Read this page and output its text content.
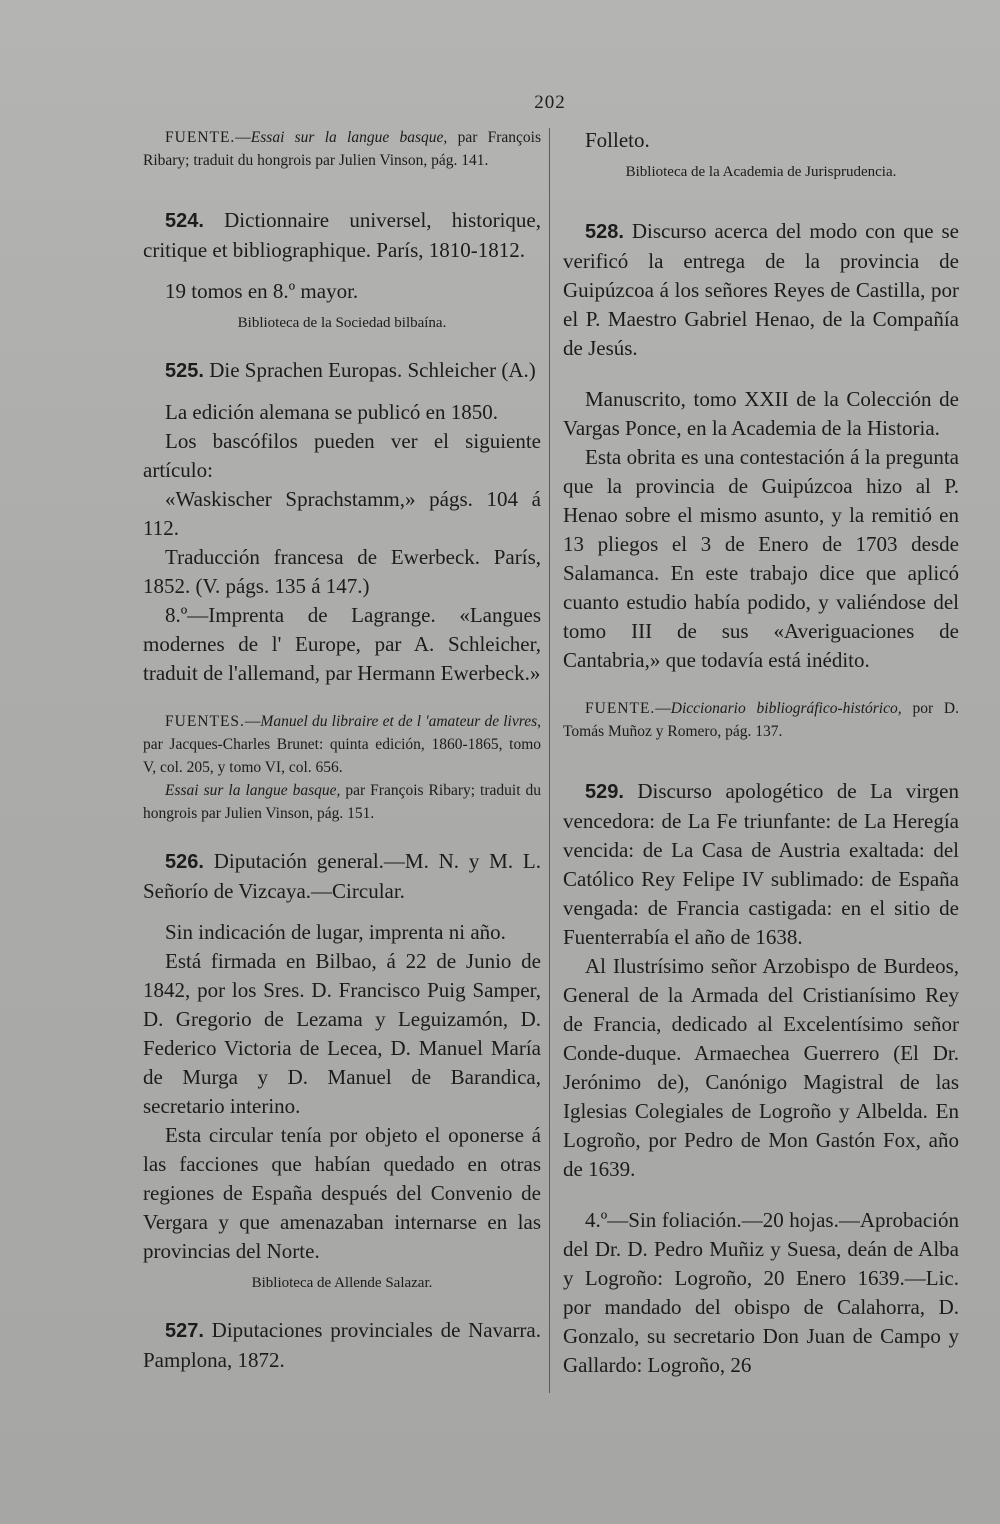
202

FUENTE.—Essai sur la langue basque, par François Ribary; traduit du hongrois par Julien Vinson, pág. 141.

524. Dictionnaire universel, historique, critique et bibliographique. París, 1810-1812.

19 tomos en 8.º mayor.

Biblioteca de la Sociedad bilbaína.

525. Die Sprachen Europas. Schleicher (A.)

La edición alemana se publicó en 1850.

Los bascófilos pueden ver el siguiente artículo:

«Waskischer Sprachstamm,» págs. 104 á 112.

Traducción francesa de Ewerbeck. París, 1852. (V. págs. 135 á 147.)

8.º—Imprenta de Lagrange. «Langues modernes de l' Europe, par A. Schleicher, traduit de l'allemand, par Hermann Ewerbeck.»

FUENTES.—Manuel du libraire et de l 'amateur de livres, par Jacques-Charles Brunet: quinta edición, 1860-1865, tomo V, col. 205, y tomo VI, col. 656.

Essai sur la langue basque, par François Ribary; traduit du hongrois par Julien Vinson, pág. 151.

526. Diputación general.—M. N. y M. L. Señorío de Vizcaya.—Circular.

Sin indicación de lugar, imprenta ni año.

Está firmada en Bilbao, á 22 de Junio de 1842, por los Sres. D. Francisco Puig Samper, D. Gregorio de Lezama y Leguizamón, D. Federico Victoria de Lecea, D. Manuel María de Murga y D. Manuel de Barandica, secretario interino.

Esta circular tenía por objeto el oponerse á las facciones que habían quedado en otras regiones de España después del Convenio de Vergara y que amenazaban internarse en las provincias del Norte.

Biblioteca de Allende Salazar.

527. Diputaciones provinciales de Navarra. Pamplona, 1872.

Folleto.

Biblioteca de la Academia de Jurisprudencia.

528. Discurso acerca del modo con que se verificó la entrega de la provincia de Guipúzcoa á los señores Reyes de Castilla, por el P. Maestro Gabriel Henao, de la Compañía de Jesús.

Manuscrito, tomo XXII de la Colección de Vargas Ponce, en la Academia de la Historia.

Esta obrita es una contestación á la pregunta que la provincia de Guipúzcoa hizo al P. Henao sobre el mismo asunto, y la remitió en 13 pliegos el 3 de Enero de 1703 desde Salamanca. En este trabajo dice que aplicó cuanto estudio había podido, y valiéndose del tomo III de sus «Averiguaciones de Cantabria,» que todavía está inédito.

FUENTE.—Diccionario bibliográfico-histórico, por D. Tomás Muñoz y Romero, pág. 137.

529. Discurso apologético de La virgen vencedora: de La Fe triunfante: de La Heregía vencida: de La Casa de Austria exaltada: del Católico Rey Felipe IV sublimado: de España vengada: de Francia castigada: en el sitio de Fuenterrabía el año de 1638.

Al Ilustrísimo señor Arzobispo de Burdeos, General de la Armada del Cristianísimo Rey de Francia, dedicado al Excelentísimo señor Conde-duque. Armaechea Guerrero (El Dr. Jerónimo de), Canónigo Magistral de las Iglesias Colegiales de Logroño y Albelda. En Logroño, por Pedro de Mon Gastón Fox, año de 1639.

4.º—Sin foliación.—20 hojas.—Aprobación del Dr. D. Pedro Muñiz y Suesa, deán de Alba y Logroño: Logroño, 20 Enero 1639.—Lic. por mandado del obispo de Calahorra, D. Gonzalo, su secretario Don Juan de Campo y Gallardo: Logroño, 26
